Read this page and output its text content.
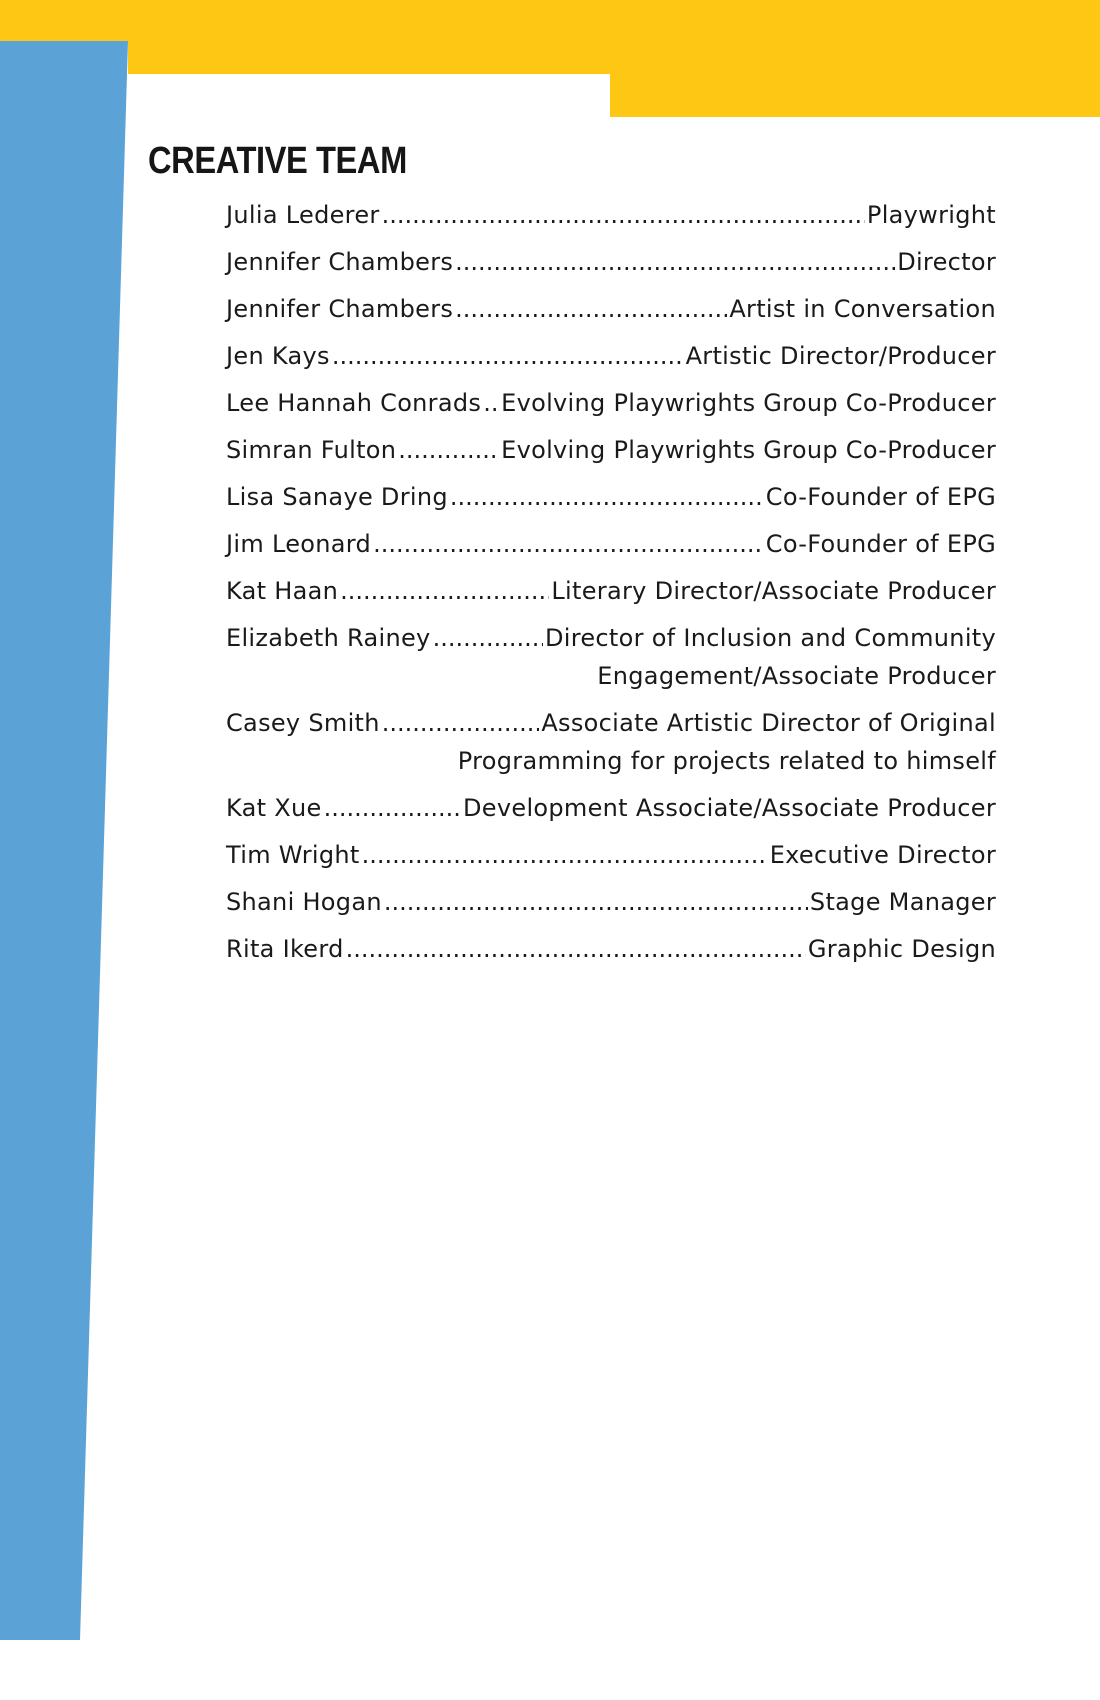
CREATIVE TEAM
Julia Lederer .....	Playwright
Jennifer Chambers .....	Director
Jennifer Chambers .....	Artist in Conversation
Jen Kays .....	Artistic Director/Producer
Lee Hannah Conrads ..... Evolving Playwrights Group Co-Producer
Simran Fulton .....	Evolving Playwrights Group Co-Producer
Lisa Sanaye Dring .....	Co-Founder of EPG
Jim Leonard .....	Co-Founder of EPG
Kat Haan .....	Literary Director/Associate Producer
Elizabeth Rainey .....	Director of Inclusion and Community
Engagement/Associate Producer
Casey Smith .....	Associate Artistic Director of Original
Programming for projects related to himself
Kat Xue .....	Development Associate/Associate Producer
Tim Wright .....	Executive Director
Shani Hogan .....	Stage Manager
Rita Ikerd .....	Graphic Design
